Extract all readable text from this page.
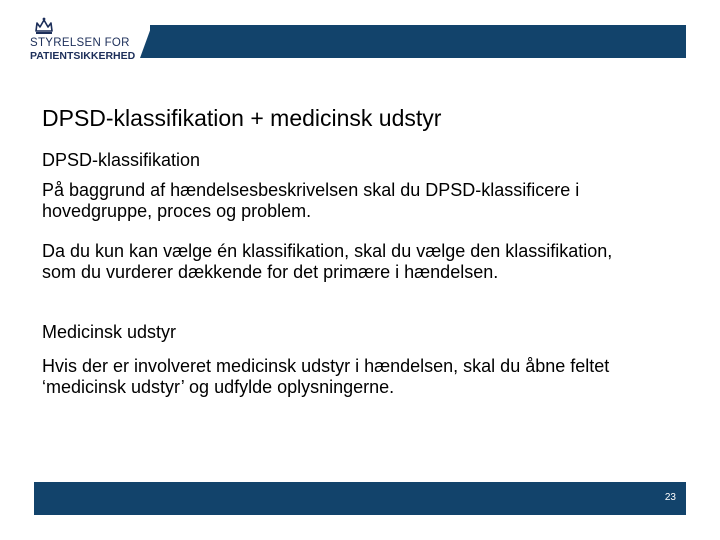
STYRELSEN FOR
PATIENTSIKKERHED
DPSD-klassifikation + medicinsk udstyr

DPSD-klassifikation

På baggrund af hændelsesbeskrivelsen skal du DPSD-klassificere i hovedgruppe, proces og problem.

Da du kun kan vælge én klassifikation, skal du vælge den klassifikation, som du vurderer dækkende for det primære i hændelsen.

Medicinsk udstyr

Hvis der er involveret medicinsk udstyr i hændelsen, skal du åbne feltet ‘medicinsk udstyr’ og udfylde oplysningerne.

23
